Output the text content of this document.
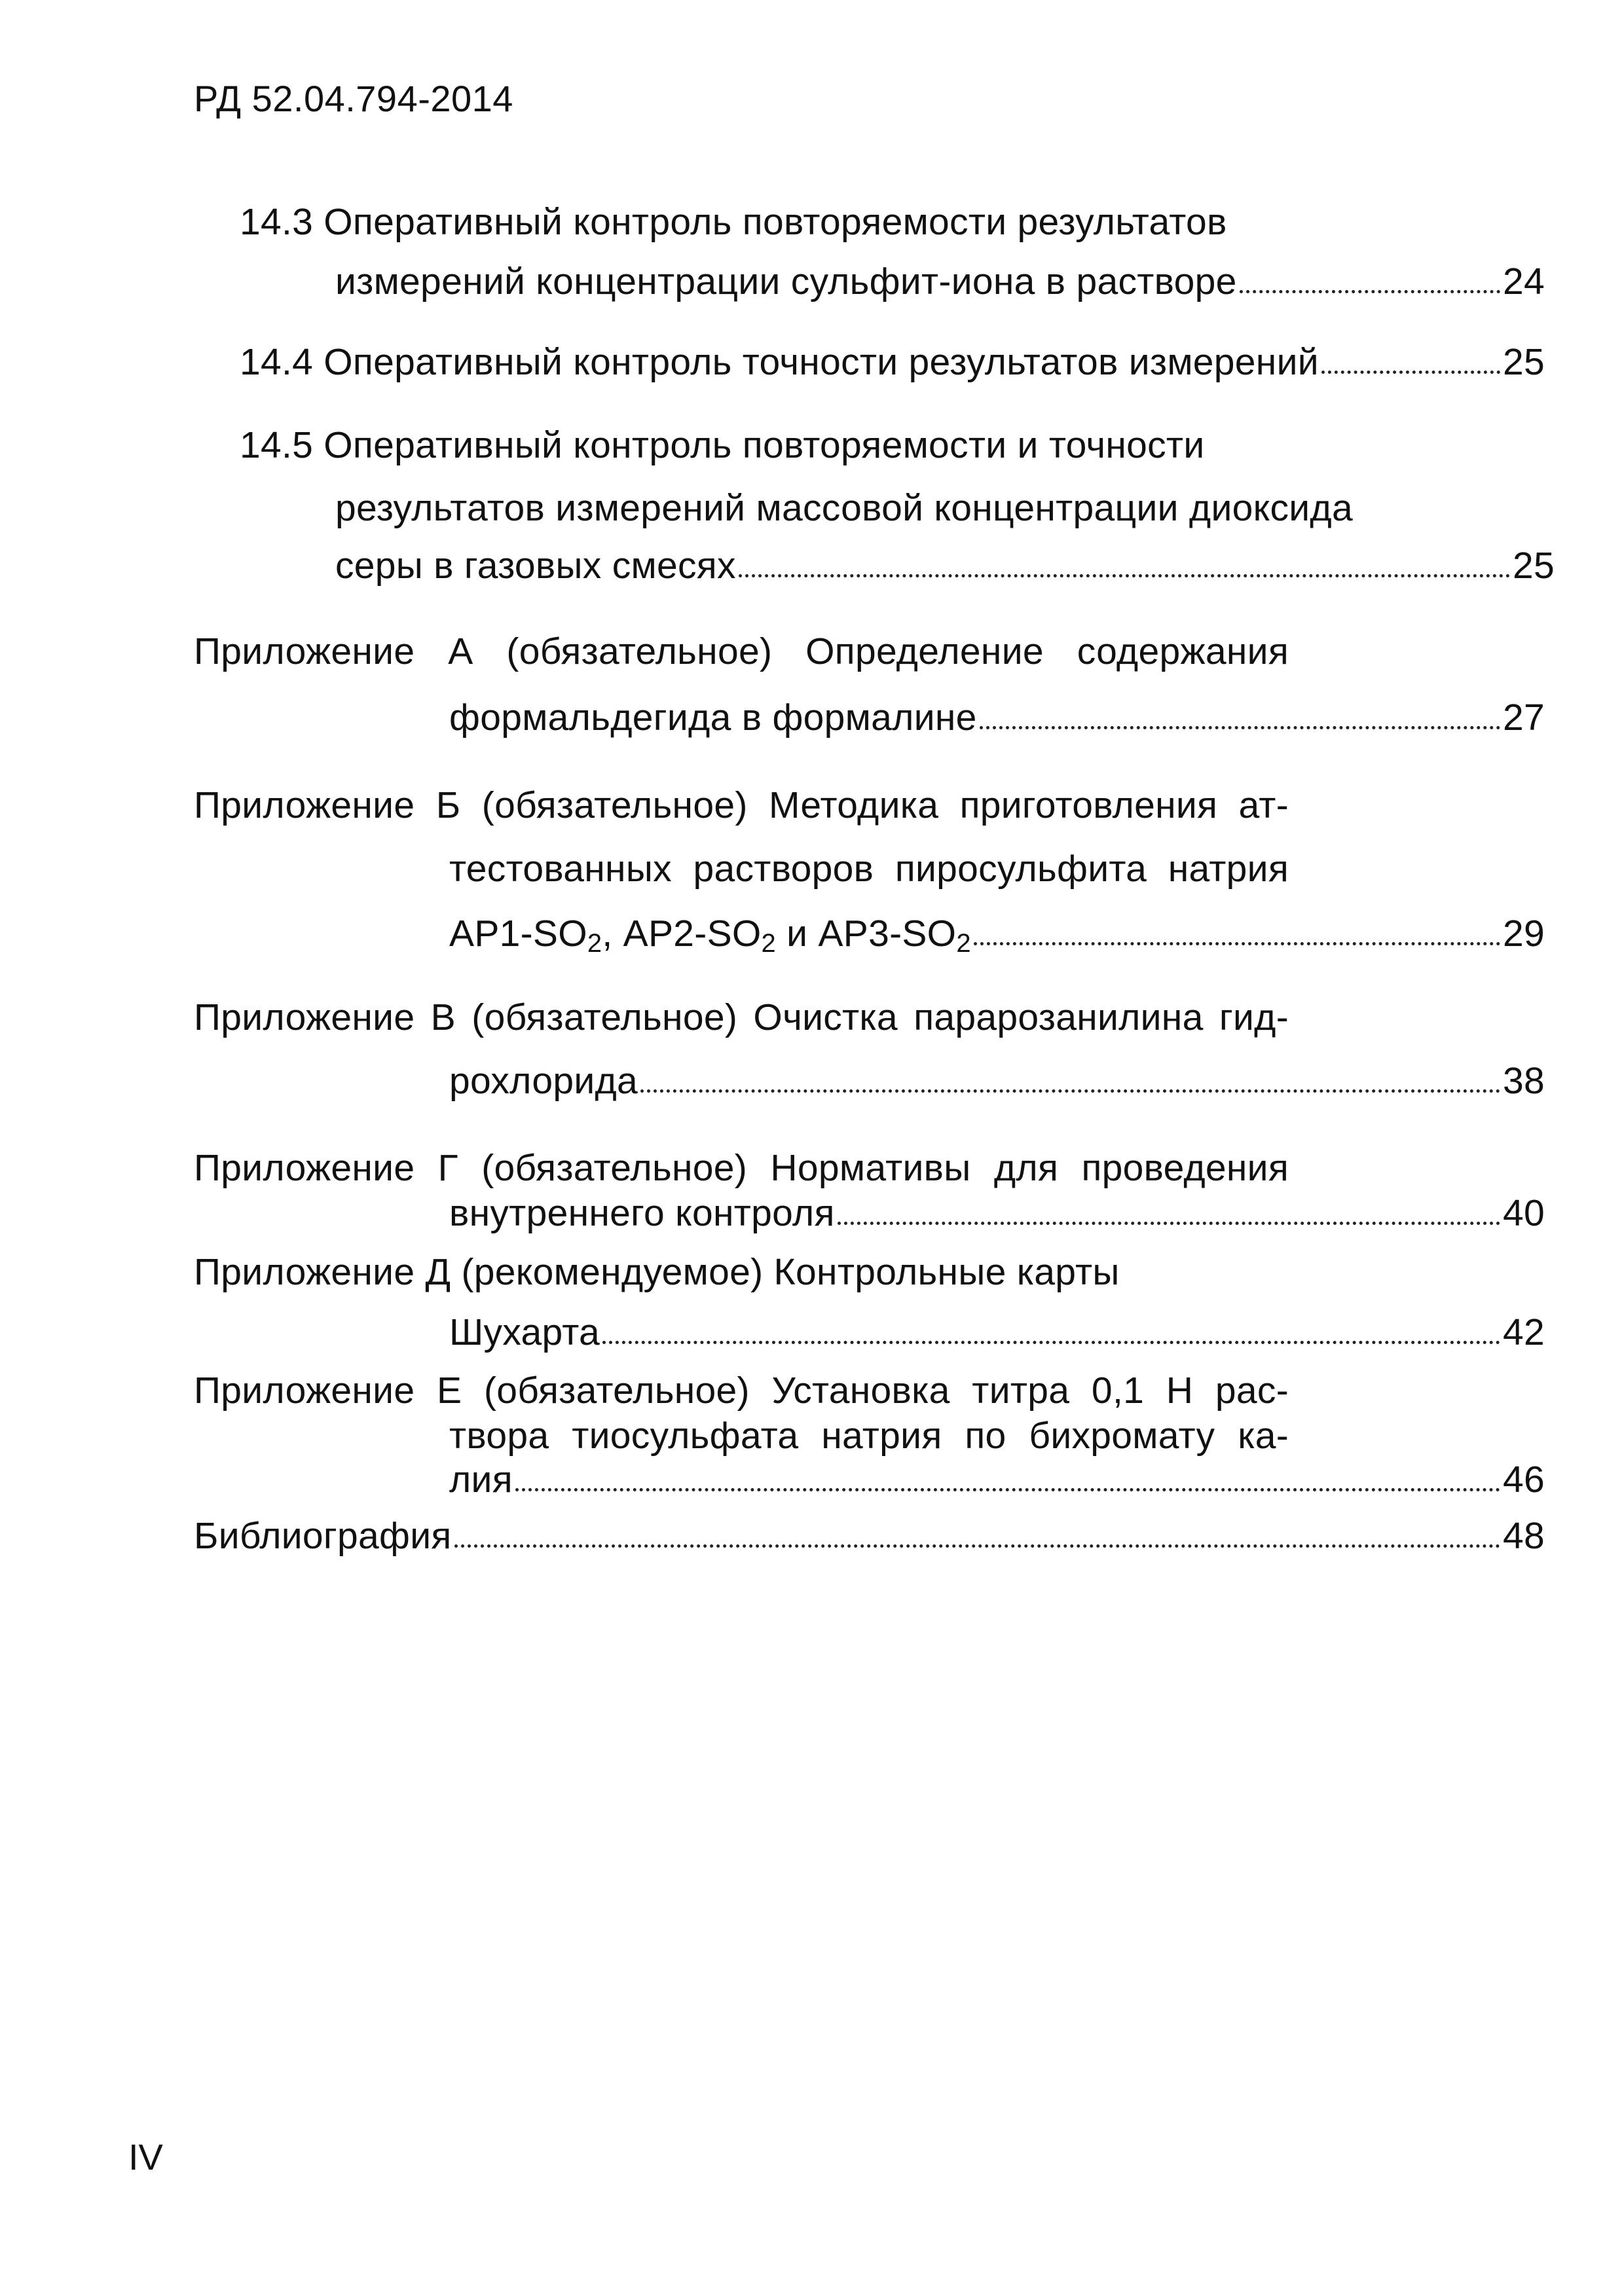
РД 52.04.794-2014
14.3 Оперативный контроль повторяемости результатов
измерений концентрации сульфит-иона в растворе	24
14.4 Оперативный контроль точности результатов измерений	25
14.5 Оперативный контроль повторяемости и точности
результатов измерений массовой концентрации диоксида
серы в газовых смесях	25
Приложение А (обязательное) Определение содержания
формальдегида в формалине	27
Приложение Б (обязательное) Методика приготовления ат-
тестованных растворов пиросульфита натрия
$АР1-SO_2$, $АР2-SO_2$ и $АР3-SO_2$	29
Приложение В (обязательное) Очистка парарозанилина гид-
рохлорида	38
Приложение Г (обязательное) Нормативы для проведения
внутреннего контроля	40
Приложение Д (рекомендуемое) Контрольные карты
Шухарта	42
Приложение Е (обязательное) Установка титра 0,1 Н рас-
твора тиосульфата натрия по бихромату ка-
лия	46
Библиография	48
IV
